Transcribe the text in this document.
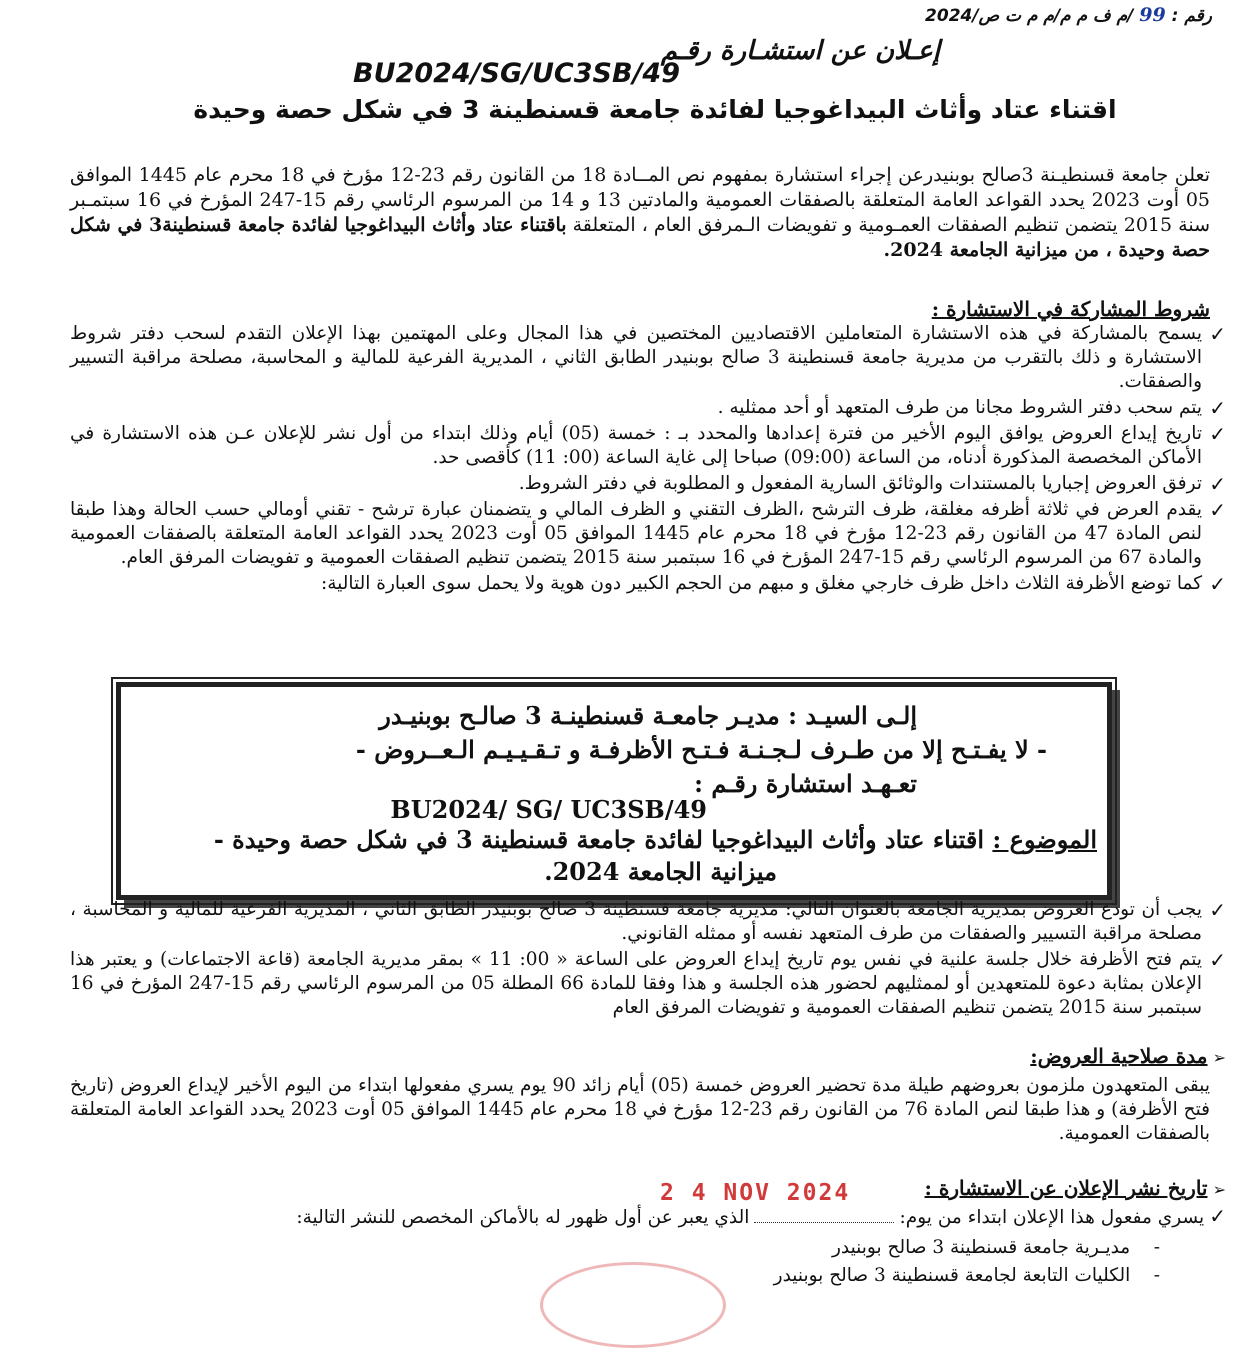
رقم : 99 /م ف م م/م م ت ص/2024
إعـلان عن استشـارة رقـم
BU2024/SG/UC3SB/49
اقتناء عتاد وأثاث البيداغوجيا لفائدة جامعة قسنطينة 3 في شكل حصة وحيدة
تعلن جامعة قسنطيـنة 3صالح بوبنيدرعن إجراء استشارة بمفهوم نص المــادة 18 من القانون رقم 23-12 مؤرخ في 18 محرم عام 1445 الموافق 05 أوت 2023 يحدد القواعد العامة المتعلقة بالصفقات العمومية والمادتين 13 و 14 من المرسوم الرئاسي رقم 15-247 المؤرخ في 16 سبتمـبر سنة 2015 يتضمن تنظيم الصفقات العمـومية و تفويضات الـمرفق العام ، المتعلقة باقتناء عتاد وأثاث البيداغوجيا لفائدة جامعة قسنطينة3 في شكل حصة وحيدة ، من ميزانية الجامعة 2024.
شروط المشاركة في الاستشارة :
✓
يسمح بالمشاركة في هذه الاستشارة المتعاملين الاقتصاديين المختصين في هذا المجال وعلى المهتمين بهذا الإعلان التقدم لسحب دفتر شروط الاستشارة و ذلك بالتقرب من مديرية جامعة قسنطينة 3 صالح بوبنيدر الطابق الثاني ، المديرية الفرعية للمالية و المحاسبة، مصلحة مراقبة التسيير والصفقات.
✓
يتم سحب دفتر الشروط مجانا من طرف المتعهد أو أحد ممثليه .
✓
تاريخ إيداع العروض يوافق اليوم الأخير من فترة إعدادها والمحدد بـ : خمسة (05) أيام وذلك ابتداء من أول نشر للإعلان عـن هذه الاستشارة في الأماكن المخصصة المذكورة أدناه، من الساعة (09:00) صباحا إلى غاية الساعة (00: 11) كأقصى حد.
✓
ترفق العروض إجباريا بالمستندات والوثائق السارية المفعول و المطلوبة في دفتر الشروط.
✓
يقدم العرض في ثلاثة أظرفه مغلقة، ظرف الترشح ،الظرف التقني و الظرف المالي و يتضمنان عبارة ترشح - تقني أومالي حسب الحالة وهذا طبقا لنص المادة 47 من القانون رقم 23-12 مؤرخ في 18 محرم عام 1445 الموافق 05 أوت 2023 يحدد القواعد العامة المتعلقة بالصفقات العمومية والمادة 67 من المرسوم الرئاسي رقم 15-247 المؤرخ في 16 سبتمبر سنة 2015 يتضمن تنظيم الصفقات العمومية و تفويضات المرفق العام.
✓
كما توضع الأظرفة الثلاث داخل ظرف خارجي مغلق و مبهم من الحجم الكبير دون هوية ولا يحمل سوى العبارة التالية:
إلـى السيـد : مديـر جامعـة قسنطينـة 3 صالـح بوبنيـدر
- لا يفـتـح إلا من طـرف لـجـنـة فـتـح الأظرفـة و تـقـيـيـم الـعــروض -
تعـهـد استشارة رقـم :
BU2024/ SG/ UC3SB/49
الموضوع : اقتناء عتاد وأثاث البيداغوجيا لفائدة جامعة قسنطينة 3 في شكل حصة وحيدة -
ميزانية الجامعة 2024.
✓
يجب أن تودع العروض بمديرية الجامعة بالعنوان التالي: مديرية جامعة قسنطينة 3 صالح بوبنيدر الطابق الثاني ، المديرية الفرعية للمالية و المحاسبة ، مصلحة مراقبة التسيير والصفقات من طرف المتعهد نفسه أو ممثله القانوني.
✓
يتم فتح الأظرفة خلال جلسة علنية في نفس يوم تاريخ إيداع العروض على الساعة « 00: 11 » بمقر مديرية الجامعة (قاعة الاجتماعات) و يعتبر هذا الإعلان بمثابة دعوة للمتعهدين أو لممثليهم لحضور هذه الجلسة و هذا وفقا للمادة 66 المطلة 05 من المرسوم الرئاسي رقم 15-247 المؤرخ في 16 سبتمبر سنة 2015 يتضمن تنظيم الصفقات العمومية و تفويضات المرفق العام
➢ مدة صلاحية العروض:
يبقى المتعهدون ملزمون بعروضهم طيلة مدة تحضير العروض خمسة (05) أيام زائد 90 يوم يسري مفعولها ابتداء من اليوم الأخير لإيداع العروض (تاريخ فتح الأظرفة) و هذا طبقا لنص المادة 76 من القانون رقم 23-12 مؤرخ في 18 محرم عام 1445 الموافق 05 أوت 2023 يحدد القواعد العامة المتعلقة بالصفقات العمومية.
2 4 NOV 2024	➢ تاريخ نشر الإعلان عن الاستشارة :
✓ يسري مفعول هذا الإعلان ابتداء من يوم:  الذي يعبر عن أول ظهور له بالأماكن المخصص للنشر التالية:
-    مديـرية جامعة قسنطينة 3 صالح بوبنيدر
-    الكليات التابعة لجامعة قسنطينة 3 صالح بوبنيدر
